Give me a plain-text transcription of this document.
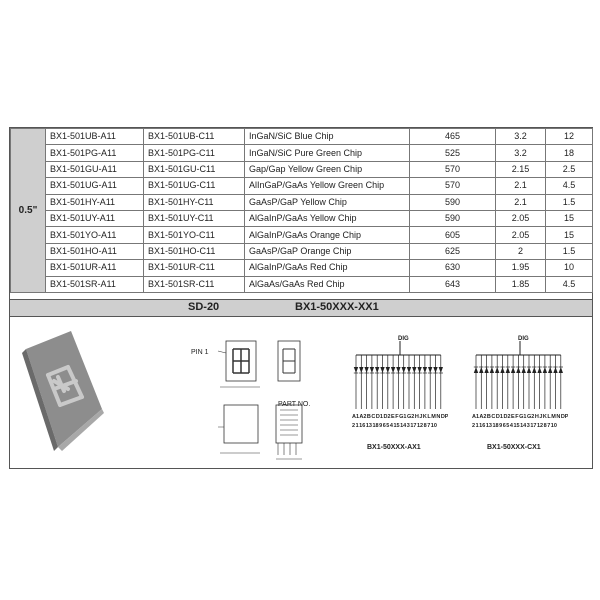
0.5"	BX1-501UB-A11	BX1-501UB-C11	InGaN/SiC Blue Chip	465	3.2	12
	BX1-501PG-A11	BX1-501PG-C11	InGaN/SiC Pure Green Chip	525	3.2	18
	BX1-501GU-A11	BX1-501GU-C11	Gap/Gap Yellow Green Chip	570	2.15	2.5
	BX1-501UG-A11	BX1-501UG-C11	AlInGaP/GaAs Yellow Green Chip	570	2.1	4.5
	BX1-501HY-A11	BX1-501HY-C11	GaAsP/GaP Yellow Chip	590	2.1	1.5
	BX1-501UY-A11	BX1-501UY-C11	AlGaInP/GaAs Yellow Chip	590	2.05	15
	BX1-501YO-A11	BX1-501YO-C11	AlGaInP/GaAs Orange Chip	605	2.05	15
	BX1-501HO-A11	BX1-501HO-C11	GaAsP/GaP Orange Chip	625	2	1.5
	BX1-501UR-A11	BX1-501UR-C11	AlGaInP/GaAs Red Chip	630	1.95	10
	BX1-501SR-A11	BX1-501SR-C11	AlGaAs/GaAs Red Chip	643	1.85	4.5
SD-20	BX1-50XXX-XX1
PIN 1
PART NO.
DIG
A1 A2 B C D1 D2 E F G1 G2 H J K L M N DP
2 1 16 13 18 9 6 5 4 15 14 3 17 12 8 7 10
BX1-50XXX-AX1
DIG
A1 A2 B C D1 D2 E F G1 G2 H J K L M N DP
2 1 16 13 18 9 6 5 4 15 14 3 17 12 8 7 10
BX1-50XXX-CX1
